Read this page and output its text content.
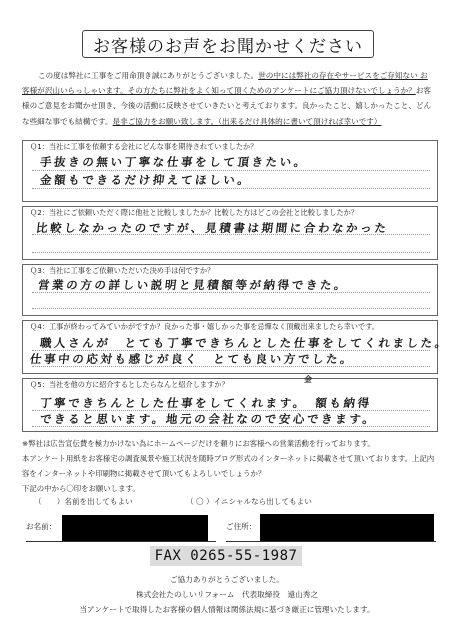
お客様のお声をお聞かせください
この度は弊社に工事をご用命頂き誠にありがとうございました。世の中には弊社の存在やサービスをご存知ない お客様が沢山いらっしゃいます。その方たちに弊社をよく知って頂くためのアンケートにご協力頂けないでしょうか？お客様のご意見をお聞かせ頂き、今後の活動に反映させていきたいと考えております。良かったこと、嬉しかったこと、どんな些細な事でも結構です。是非ご協力をお願い致します。（出来るだけ具体的に書いて頂ければ幸いです）
Ｑ1：当社に工事を依頼する会社にどんな事を期待されていましたか？
手抜きの無い丁寧な仕事をして頂きたい。
金額もできるだけ抑えてほしい。
Ｑ2：当社にご依頼いただく際に他社と比較しましたか？比較した方はどこの会社と比較しましたか？
比較しなかったのですが、見積書は期間に合わなかった
Ｑ3：当社に工事をご依頼いただいた決め手は何ですか？
営業の方の詳しい説明と見積額等が納得できた。
Ｑ4：工事が終わってみていかがですか？良かった事・嬉しかった事を忌憚なく頂戴出来ましたら幸いです。
職人さんが　とても丁寧できちんとした仕事をしてくれました。
仕事中の応対も感じが良く　とても良い方でした。
Ｑ5：当社を他の方に紹介するとしたらなんと紹介しますか？
金
丁寧できちんとした仕事をしてくれます。　額も納得
できると思います。地元の会社なので安心できます。
※弊社は広告宣伝費を極力かけない為にホームページだけを頼りにお客様への営業活動を行っております。
本アンケート用紙をお客様宅の調査風景や施工状況を随時ブログ形式のインターネットに掲載させて頂いております。上記内容をインターネットや印刷物に掲載させて頂いてもよろしいでしょうか？
下記の中から〇印をお願いします。
（　　）名前を出してもよい	（ 〇 ）イニシャルなら出してもよい
お名前：	ご住所：
FAX 0265-55-1987
ご協力ありがとうございました。
株式会社たのしいリフォーム　代表取締役　遠山秀之
当アンケートで取得したお客様の個人情報は関係法規に基づき厳正に管理いたします。
